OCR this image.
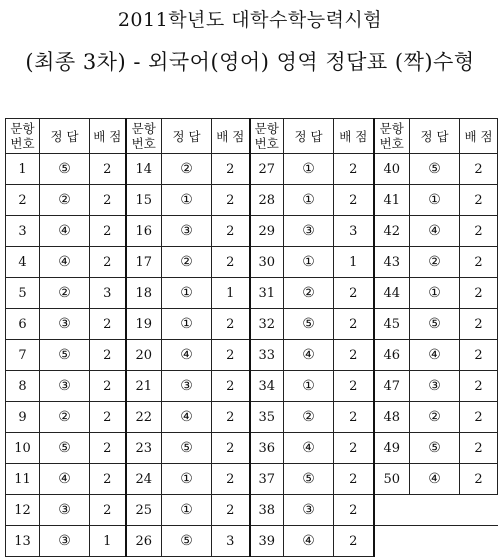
2011학년도 대학수학능력시험
(최종 3차) - 외국어(영어) 영역 정답표 (짝)수형
문항
번호	정 답	배 점	문항
번호	정 답	배 점	문항
번호	정 답	배 점	문항
번호	정 답	배 점
1	⑤	2	14	②	2	27	①	2	40	⑤	2
2	②	2	15	①	2	28	①	2	41	①	2
3	④	2	16	③	2	29	③	3	42	④	2
4	④	2	17	②	2	30	①	1	43	②	2
5	②	3	18	①	1	31	②	2	44	①	2
6	③	2	19	①	2	32	⑤	2	45	⑤	2
7	⑤	2	20	④	2	33	④	2	46	④	2
8	③	2	21	③	2	34	①	2	47	③	2
9	②	2	22	④	2	35	②	2	48	②	2
10	⑤	2	23	⑤	2	36	④	2	49	⑤	2
11	④	2	24	①	2	37	⑤	2	50	④	2
12	③	2	25	①	2	38	③	2			
13	③	1	26	⑤	3	39	④	2			
